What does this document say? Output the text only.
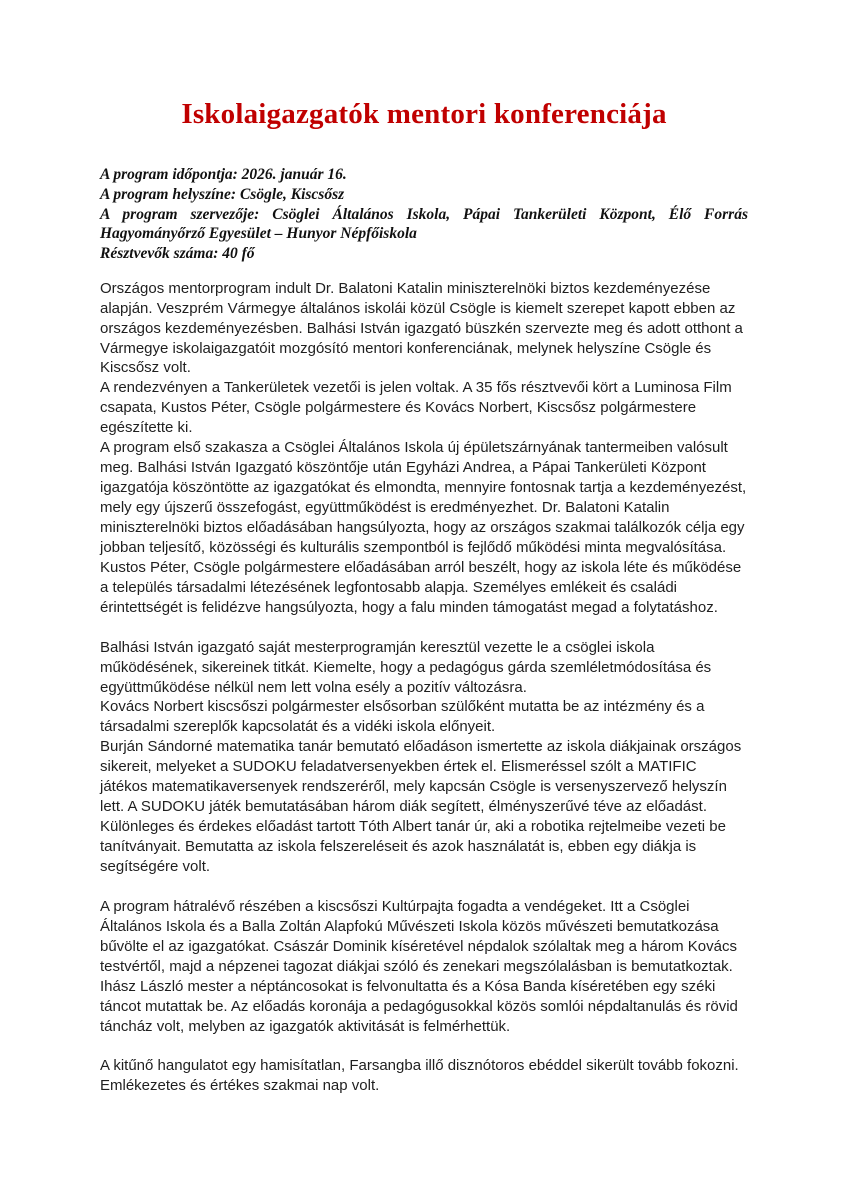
Iskolaigazgatók mentori konferenciája

A program időpontja: 2026. január 16.

A program helyszíne: Csögle, Kiscsősz

A program szervezője: Csöglei Általános Iskola, Pápai Tankerületi Központ, Élő Forrás Hagyományőrző Egyesület – Hunyor Népfőiskola

Résztvevők száma: 40 fő

Országos mentorprogram indult Dr. Balatoni Katalin miniszterelnöki biztos kezdeményezése alapján. Veszprém Vármegye általános iskolái közül Csögle is kiemelt szerepet kapott ebben az országos kezdeményezésben. Balhási István igazgató büszkén szervezte meg és adott otthont a Vármegye iskolaigazgatóit mozgósító mentori konferenciának, melynek helyszíne Csögle és Kiscsősz volt.

A rendezvényen a Tankerületek vezetői is jelen voltak. A 35 fős résztvevői kört a Luminosa Film csapata, Kustos Péter, Csögle polgármestere és Kovács Norbert, Kiscsősz polgármestere egészítette ki.

A program első szakasza a Csöglei Általános Iskola új épületszárnyának tantermeiben valósult meg. Balhási István Igazgató köszöntője után Egyházi Andrea, a Pápai Tankerületi Központ igazgatója köszöntötte az igazgatókat és elmondta, mennyire fontosnak tartja a kezdeményezést, mely egy újszerű összefogást, együttműködést is eredményezhet. Dr. Balatoni Katalin miniszterelnöki biztos előadásában hangsúlyozta, hogy az országos szakmai találkozók célja egy jobban teljesítő, közösségi és kulturális szempontból is fejlődő működési minta megvalósítása.

Kustos Péter, Csögle polgármestere előadásában arról beszélt, hogy az iskola léte és működése a település társadalmi létezésének legfontosabb alapja. Személyes emlékeit és családi érintettségét is felidézve hangsúlyozta, hogy a falu minden támogatást megad a folytatáshoz.

Balhási István igazgató saját mesterprogramján keresztül vezette le a csöglei iskola működésének, sikereinek titkát. Kiemelte, hogy a pedagógus gárda szemléletmódosítása és együttműködése nélkül nem lett volna esély a pozitív változásra.

Kovács Norbert kiscsőszi polgármester elsősorban szülőként mutatta be az intézmény és a társadalmi szereplők kapcsolatát és a vidéki iskola előnyeit.

Burján Sándorné matematika tanár bemutató előadáson ismertette az iskola diákjainak országos sikereit, melyeket a SUDOKU feladatversenyekben értek el. Elismeréssel szólt a MATIFIC játékos matematikaversenyek rendszeréről, mely kapcsán Csögle is versenyszervező helyszín lett. A SUDOKU játék bemutatásában három diák segített, élményszerűvé téve az előadást.

Különleges és érdekes előadást tartott Tóth Albert tanár úr, aki a robotika rejtelmeibe vezeti be tanítványait. Bemutatta az iskola felszereléseit és azok használatát is, ebben egy diákja is segítségére volt.

A program hátralévő részében a kiscsőszi Kultúrpajta fogadta a vendégeket. Itt a Csöglei Általános Iskola és a Balla Zoltán Alapfokú Művészeti Iskola közös művészeti bemutatkozása bűvölte el az igazgatókat. Császár Dominik kíséretével népdalok szólaltak meg a három Kovács testvértől, majd a népzenei tagozat diákjai szóló és zenekari megszólalásban is bemutatkoztak. Ihász László mester a néptáncosokat is felvonultatta és a Kósa Banda kíséretében egy széki táncot mutattak be. Az előadás koronája a pedagógusokkal közös somlói népdaltanulás és rövid táncház volt, melyben az igazgatók aktivitását is felmérhettük.

A kitűnő hangulatot egy hamisítatlan, Farsangba illő disznótoros ebéddel sikerült tovább fokozni. Emlékezetes és értékes szakmai nap volt.
